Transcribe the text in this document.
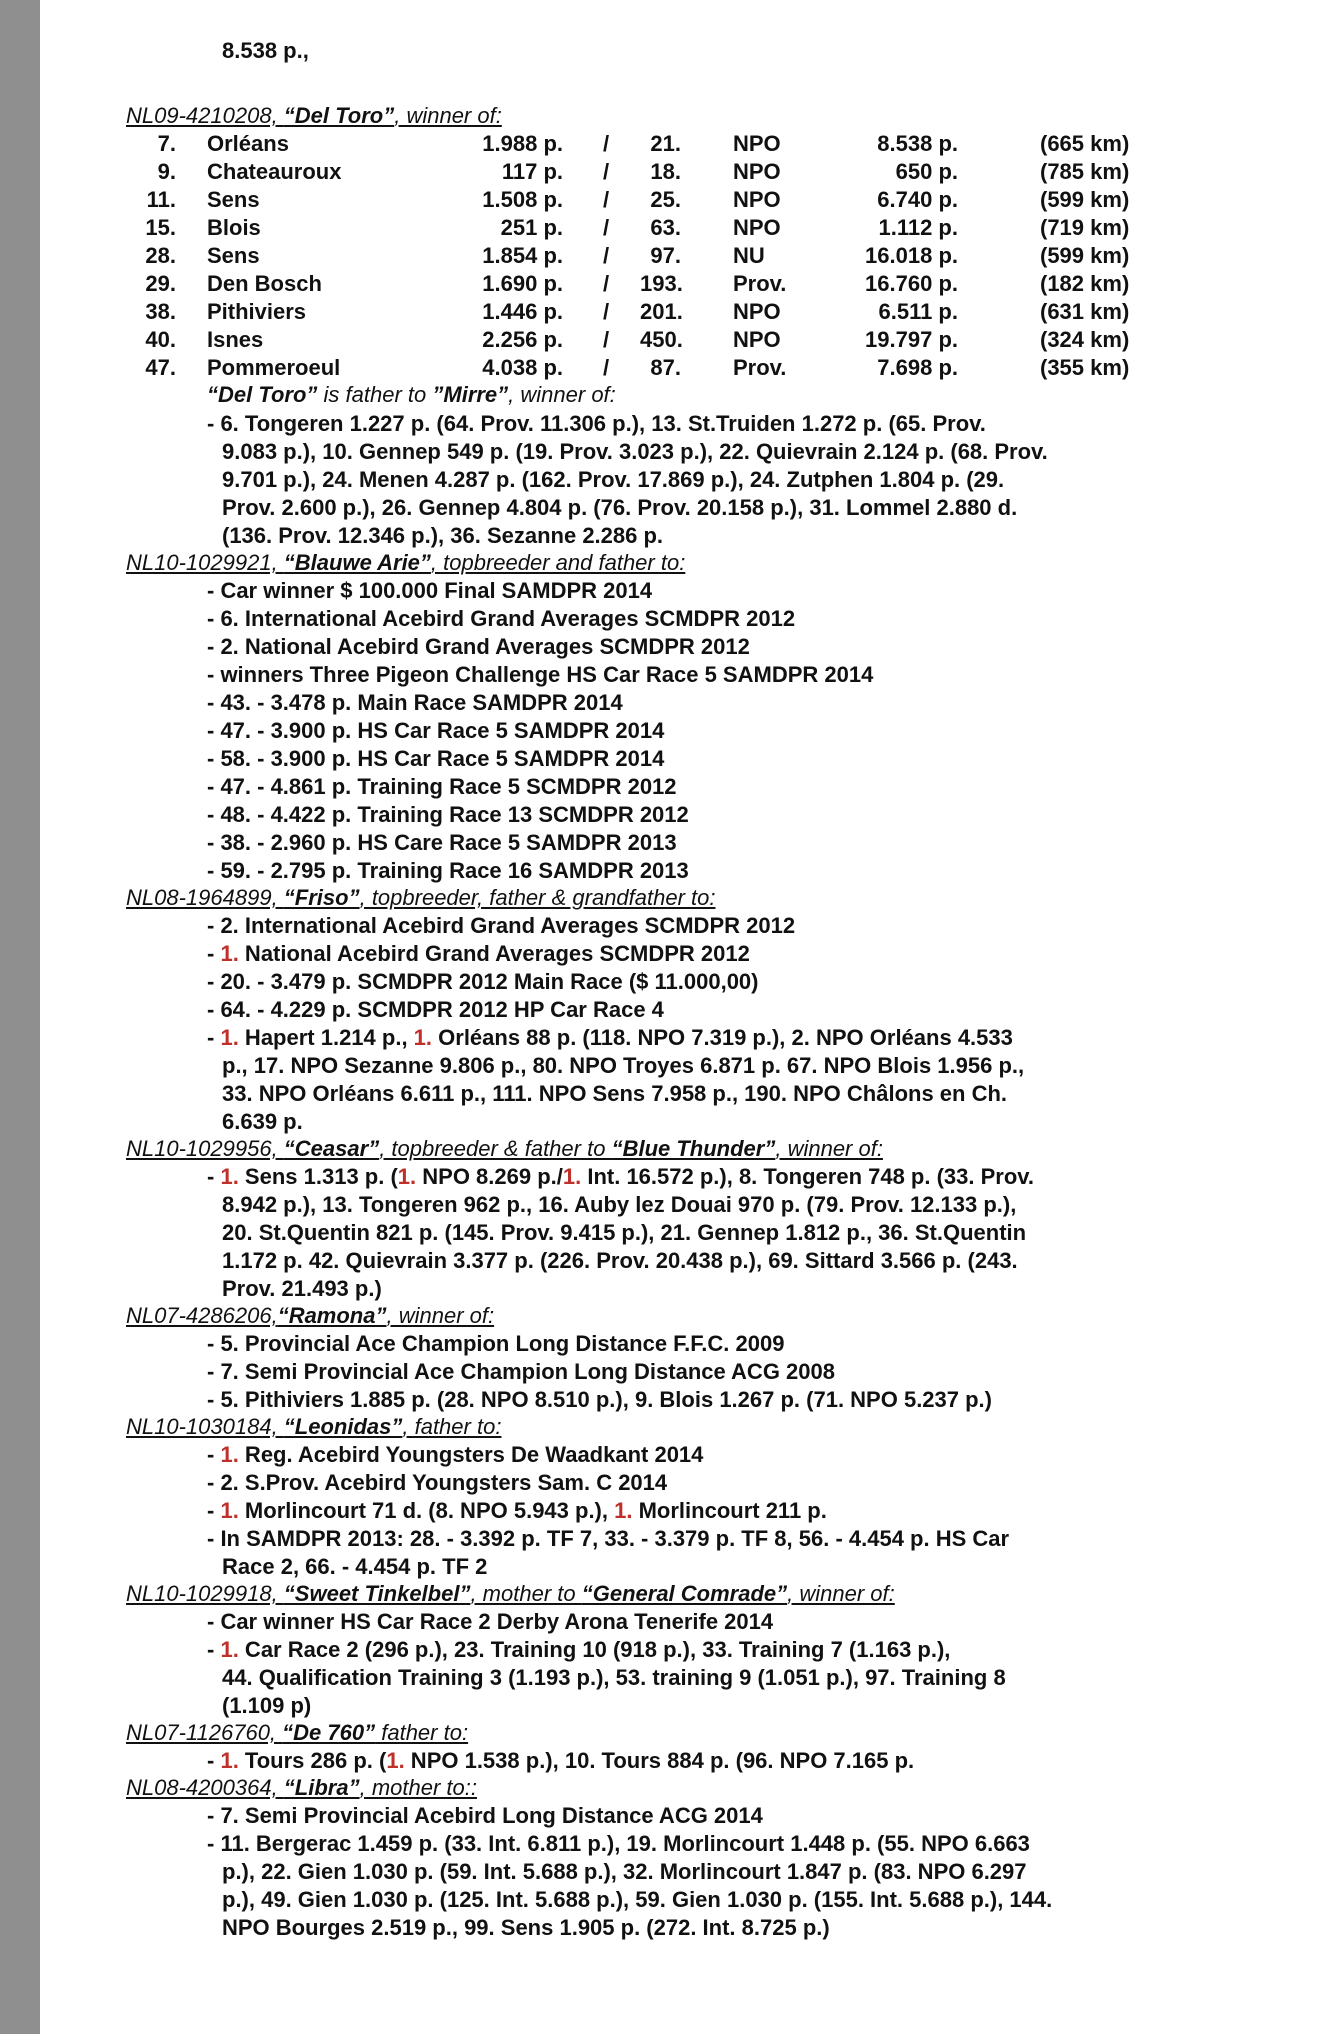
8.538 p.,
NL09-4210208, “Del Toro”, winner of:
7. Orléans	1.988 p. /	21. NPO	8.538 p.	(665 km)
9. Chateauroux	117 p. /	18. NPO	650 p.	(785 km)
11. Sens	1.508 p. /	25. NPO	6.740 p.	(599 km)
15. Blois	251 p. /	63. NPO	1.112 p.	(719 km)
28. Sens	1.854 p. /	97. NU	16.018 p.	(599 km)
29. Den Bosch	1.690 p. / 193. Prov.	16.760 p.	(182 km)
38. Pithiviers	1.446 p. / 201. NPO	6.511 p.	(631 km)
40. Isnes	2.256 p. / 450. NPO	19.797 p.	(324 km)
47. Pommeroeul	4.038 p. /	87. Prov.	7.698 p.	(355 km)
“Del Toro” is father to ”Mirre”, winner of:
- 6. Tongeren 1.227 p. (64. Prov. 11.306 p.), 13. St.Truiden 1.272 p. (65. Prov.
9.083 p.), 10. Gennep 549 p. (19. Prov. 3.023 p.), 22. Quievrain 2.124 p. (68. Prov.
9.701 p.), 24. Menen 4.287 p. (162. Prov. 17.869 p.), 24. Zutphen 1.804 p. (29.
Prov. 2.600 p.), 26. Gennep 4.804 p. (76. Prov. 20.158 p.), 31. Lommel 2.880 d.
(136. Prov. 12.346 p.), 36. Sezanne 2.286 p.
NL10-1029921, “Blauwe Arie”, topbreeder and father to:
- Car winner $ 100.000 Final SAMDPR 2014
- 6. International Acebird Grand Averages SCMDPR 2012
- 2. National Acebird Grand Averages SCMDPR 2012
- winners Three Pigeon Challenge HS Car Race 5 SAMDPR 2014
- 43. - 3.478 p. Main Race SAMDPR 2014
- 47. - 3.900 p. HS Car Race 5 SAMDPR 2014
- 58. - 3.900 p. HS Car Race 5 SAMDPR 2014
- 47. - 4.861 p. Training Race 5 SCMDPR 2012
- 48. - 4.422 p. Training Race 13 SCMDPR 2012
- 38. - 2.960 p. HS Care Race 5 SAMDPR 2013
- 59. - 2.795 p. Training Race 16 SAMDPR 2013
NL08-1964899, “Friso”, topbreeder, father & grandfather to:
- 2. International Acebird Grand Averages SCMDPR 2012
- 1. National Acebird Grand Averages SCMDPR 2012
- 20. - 3.479 p. SCMDPR 2012 Main Race ($ 11.000,00)
- 64. - 4.229 p. SCMDPR 2012 HP Car Race 4
- 1. Hapert 1.214 p., 1. Orléans 88 p. (118. NPO 7.319 p.), 2. NPO Orléans 4.533
p., 17. NPO Sezanne 9.806 p., 80. NPO Troyes 6.871 p. 67. NPO Blois 1.956 p.,
33. NPO Orléans 6.611 p., 111. NPO Sens 7.958 p., 190. NPO Châlons en Ch.
6.639 p.
NL10-1029956, “Ceasar”, topbreeder & father to “Blue Thunder”, winner of:
- 1. Sens 1.313 p. (1. NPO 8.269 p./1. Int. 16.572 p.), 8. Tongeren 748 p. (33. Prov.
8.942 p.), 13. Tongeren 962 p., 16. Auby lez Douai 970 p. (79. Prov. 12.133 p.),
20. St.Quentin 821 p. (145. Prov. 9.415 p.), 21. Gennep 1.812 p., 36. St.Quentin
1.172 p. 42. Quievrain 3.377 p. (226. Prov. 20.438 p.), 69. Sittard 3.566 p. (243.
Prov. 21.493 p.)
NL07-4286206,“Ramona”, winner of:
- 5. Provincial Ace Champion Long Distance F.F.C. 2009
- 7. Semi Provincial Ace Champion Long Distance ACG 2008
- 5. Pithiviers 1.885 p. (28. NPO 8.510 p.), 9. Blois 1.267 p. (71. NPO 5.237 p.)
NL10-1030184, “Leonidas”, father to:
- 1. Reg. Acebird Youngsters De Waadkant 2014
- 2. S.Prov. Acebird Youngsters Sam. C 2014
- 1. Morlincourt 71 d. (8. NPO 5.943 p.), 1. Morlincourt 211 p.
- In SAMDPR 2013: 28. - 3.392 p. TF 7, 33. - 3.379 p. TF 8, 56. - 4.454 p. HS Car
Race 2, 66. - 4.454 p. TF 2
NL10-1029918, “Sweet Tinkelbel”, mother to “General Comrade”, winner of:
- Car winner HS Car Race 2 Derby Arona Tenerife 2014
- 1. Car Race 2 (296 p.), 23. Training 10 (918 p.), 33. Training 7 (1.163 p.),
44. Qualification Training 3 (1.193 p.), 53. training 9 (1.051 p.), 97. Training 8
(1.109 p)
NL07-1126760, “De 760” father to:
- 1. Tours 286 p. (1. NPO 1.538 p.), 10. Tours 884 p. (96. NPO 7.165 p.
NL08-4200364, “Libra”, mother to::
- 7. Semi Provincial Acebird Long Distance ACG 2014
- 11. Bergerac 1.459 p. (33. Int. 6.811 p.), 19. Morlincourt 1.448 p. (55. NPO 6.663
p.), 22. Gien 1.030 p. (59. Int. 5.688 p.), 32. Morlincourt 1.847 p. (83. NPO 6.297
p.), 49. Gien 1.030 p. (125. Int. 5.688 p.), 59. Gien 1.030 p. (155. Int. 5.688 p.), 144.
NPO Bourges 2.519 p., 99. Sens 1.905 p. (272. Int. 8.725 p.)
